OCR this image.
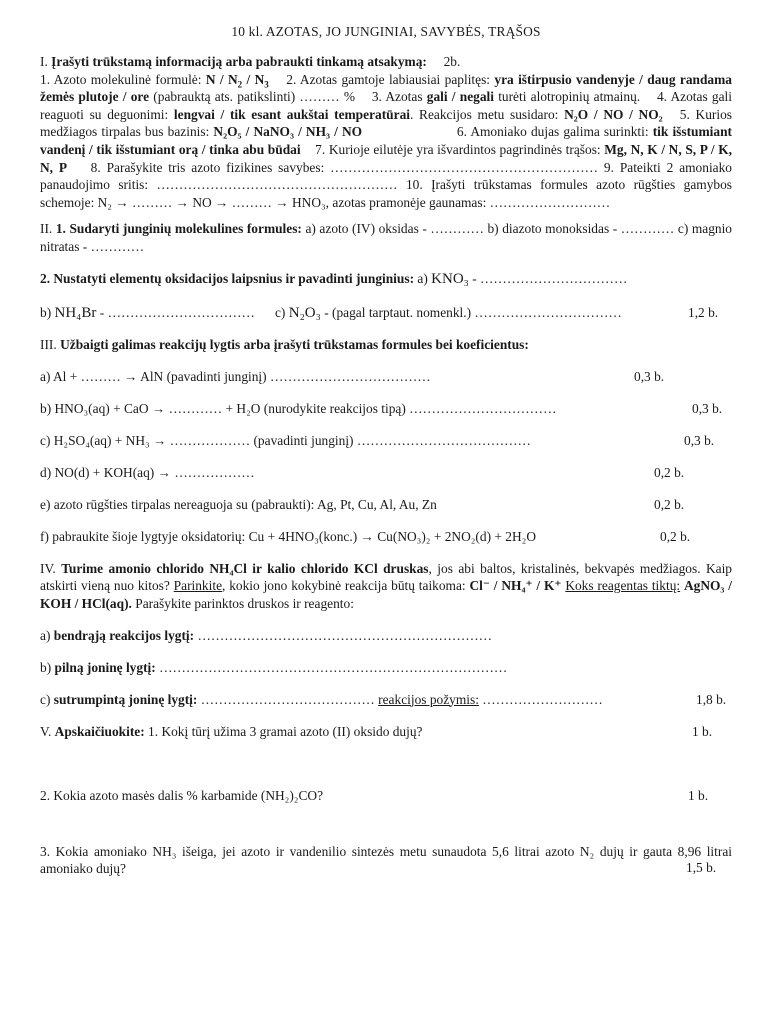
10 kl. AZOTAS, JO JUNGINIAI, SAVYBĖS, TRĄŠOS

I. Įrašyti trūkstamą informaciją arba pabraukti tinkamą atsakymą: 2b.
1. Azoto molekulinė formulė: N / $N_2 / N_3$ 2. Azotas gamtoje labiausiai paplitęs: yra ištirpusio vandenyje / daug randama žemės plutoje / ore (pabrauktą ats. patikslinti) ……… % 3. Azotas gali / negali turėti alotropinių atmainų. 4. Azotas gali reaguoti su deguonimi: lengvai / tik esant aukštai temperatūrai. Reakcijos metu susidaro: N₂O / NO / NO₂ 5. Kurios medžiagos tirpalas bus bazinis: N₂O₅ / NaNO₃ / NH₃ / NO	6. Amoniako dujas galima surinkti: tik išstumiant vandenį / tik išstumiant orą / tinka abu būdai 7. Kurioje eilutėje yra išvardintos pagrindinės trąšos: Mg, N, K / N, S, P / K, N, P 8. Parašykite tris azoto fizikines savybes: …………………………………………………… 9. Pateikti 2 amoniako panaudojimo sritis: ……………………………………………… 10. Įrašyti trūkstamas formules azoto rūgšties gamybos schemoje: N₂ → ……… → NO → ……… → HNO₃, azotas pramonėje gaunamas: ………………………

II. 1. Sudaryti junginių molekulines formules: a) azoto (IV) oksidas - ………… b) diazoto monoksidas - ………… c) magnio nitratas - …………

2. Nustatyti elementų oksidacijos laipsnius ir pavadinti junginius: a) KNO₃ - ……………………………

b) NH₄Br - …………………………… c) N₂O₃ - (pagal tarptaut. nomenkl.) ……………………………	1,2 b.

III. Užbaigti galimas reakcijų lygtis arba įrašyti trūkstamas formules bei koeficientus:

a) Al + ……… → AlN (pavadinti junginį) ………………………………	0,3 b.
b) HNO₃(aq) + CaO → ………… + H₂O (nurodykite reakcijos tipą) ……………………………	0,3 b.
c) H₂SO₄(aq) + NH₃ → ……………… (pavadinti junginį) …………………………………	0,3 b.
d) NO(d) + KOH(aq) → ………………	0,2 b.
e) azoto rūgšties tirpalas nereaguoja su (pabraukti): Ag, Pt, Cu, Al, Au, Zn	0,2 b.
f) pabraukite šioje lygtyje oksidatorių: Cu + 4HNO₃(konc.) → Cu(NO₃)₂ + 2NO₂(d) + 2H₂O	0,2 b.

IV. Turime amonio chlorido NH₄Cl ir kalio chlorido KCl druskas, jos abi baltos, kristalinės, bekvapės medžiagos. Kaip atskirti vieną nuo kitos? Parinkite, kokio jono kokybinė reakcija būtų taikoma: Cl⁻ / NH₄⁺ / K⁺ Koks reagentas tiktų: AgNO₃ / KOH / HCl(aq). Parašykite parinktos druskos ir reagento:

a) bendrąją reakcijos lygtį: …………………………………………………………
b) pilną joninę lygtį: ……………………………………………………………………
c) sutrumpintą joninę lygtį: ………………………………… reakcijos požymis: ………………………	1,8 b.
V. Apskaičiuokite: 1. Kokį tūrį užima 3 gramai azoto (II) oksido dujų?	1 b.
2. Kokia azoto masės dalis % karbamide (NH₂)₂CO?	1 b.

3. Kokia amoniako NH₃ išeiga, jei azoto ir vandenilio sintezės metu sunaudota 5,6 litrai azoto N₂ dujų ir gauta 8,96 litrai amoniako dujų?	1,5 b.
